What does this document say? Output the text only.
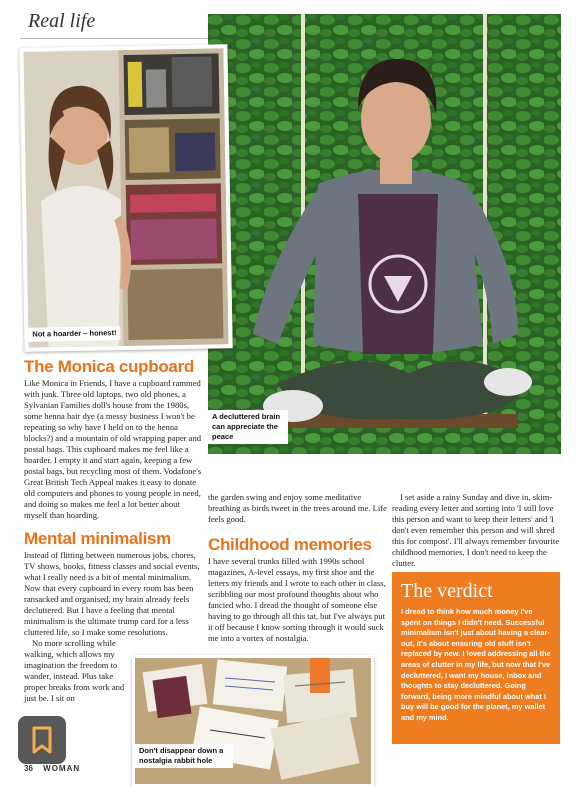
Real life
A decluttered brain can appreciate the peace
Not a hoarder – honest!
The Monica cupboard

Like Monica in Friends, I have a cupboard rammed with junk. Three old laptops, two old phones, a Sylvanian Families doll's house from the 1980s, some henna hair dye (a messy business I won't be repeating so why have I held on to the henna blocks?) and a mountain of old wrapping paper and postal bags. This cupboard makes me feel like a hoarder. I empty it and start again, keeping a few postal bags, but recycling most of them. Vodafone's Great British Tech Appeal makes it easy to donate old computers and phones to young people in need, and doing so makes me feel a lot better about myself than hoarding.

Mental minimalism

Instead of flitting between numerous jobs, chores, TV shows, books, fitness classes and social events, what I really need is a bit of mental minimalism. Now that every cupboard in every room has been ransacked and organised, my brain already feels decluttered. But I have a feeling that mental minimalism is the ultimate trump card for a less cluttered life, so I make some resolutions.

No more scrolling while walking, which allows my imagination the freedom to wander, instead. Plus take proper breaks from work and just be. I sit on

the garden swing and enjoy some meditative breathing as birds tweet in the trees around me. Life feels good.

Childhood memories

I have several trunks filled with 1990s school magazines, A-level essays, my first shoe and the letters my friends and I wrote to each other in class, scribbling our most profound thoughts about who fancied who. I dread the thought of someone else having to go through all this tat, but I've always put it off because I know sorting through it would suck me into a vortex of nostalgia.

I set aside a rainy Sunday and dive in, skim-reading every letter and sorting into 'I still love this person and want to keep their letters' and 'I don't even remember this person and will shred this for compost'. I'll always remember favourite childhood memories, I don't need to keep the clutter.

The verdict

I dread to think how much money I've spent on things I didn't need. Successful minimalism isn't just about having a clear-out, it's about ensuring old stuff isn't replaced by new. I loved addressing all the areas of clutter in my life, but now that I've decluttered, I want my house, inbox and thoughts to stay decluttered. Going forward, being more mindful about what I buy will be good for the planet, my wallet and my mind.

Don't disappear down a nostalgia rabbit hole
36 WOMAN
